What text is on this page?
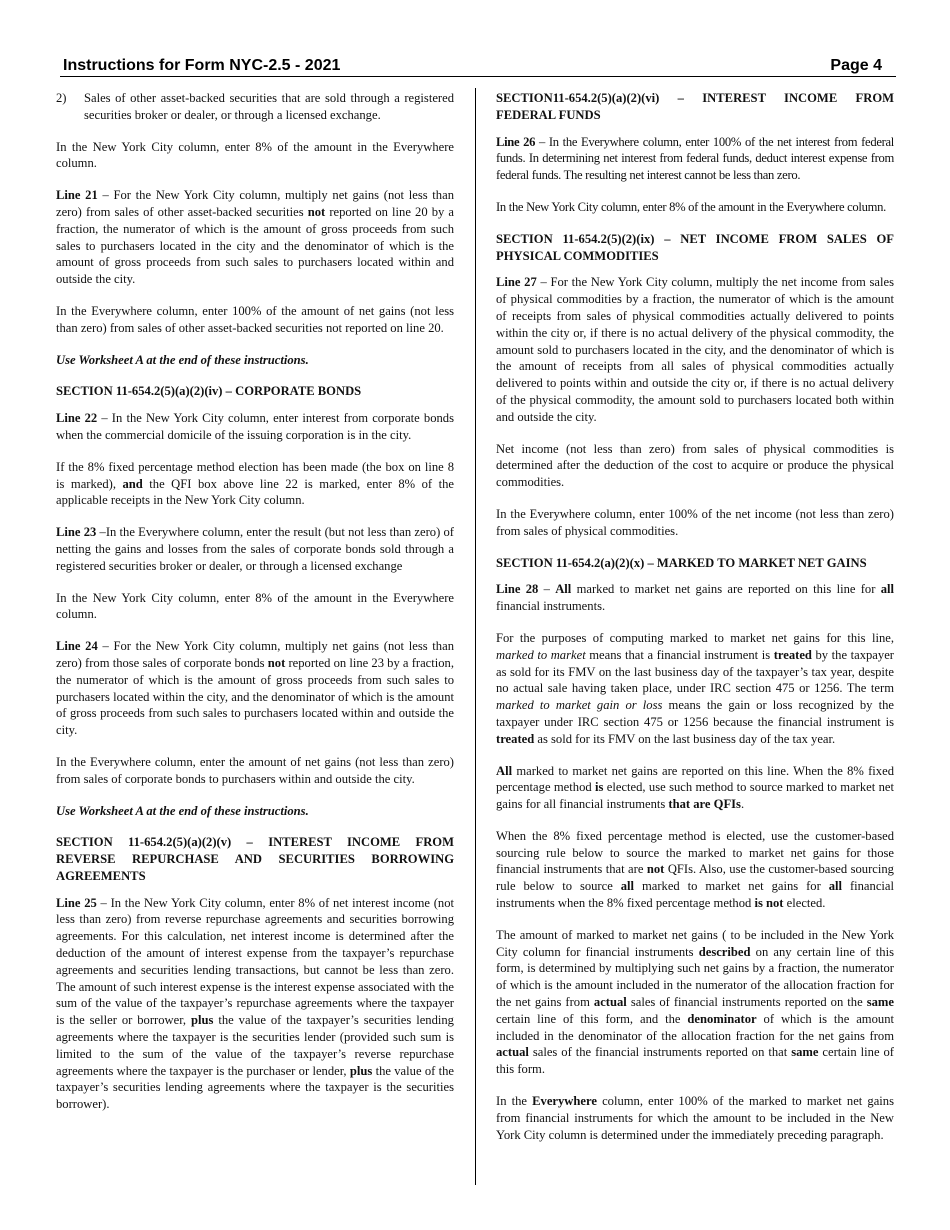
Instructions for Form NYC-2.5 - 2021	Page 4
2)	Sales of other asset-backed securities that are sold through a registered securities broker or dealer, or through a licensed exchange.

In the New York City column, enter 8% of the amount in the Everywhere column.

Line 21 – For the New York City column, multiply net gains (not less than zero) from sales of other asset-backed securities not reported on line 20 by a fraction, the numerator of which is the amount of gross proceeds from such sales to purchasers located in the city and the denominator of which is the amount of gross proceeds from such sales to purchasers located within and outside the city.

In the Everywhere column, enter 100% of the amount of net gains (not less than zero) from sales of other asset-backed securities not reported on line 20.

Use Worksheet A at the end of these instructions.

SECTION 11-654.2(5)(a)(2)(iv) – CORPORATE BONDS

Line 22 – In the New York City column, enter interest from corporate bonds when the commercial domicile of the issuing corporation is in the city.

If the 8% fixed percentage method election has been made (the box on line 8 is marked), and the QFI box above line 22 is marked, enter 8% of the applicable receipts in the New York City column.

Line 23 –In the Everywhere column, enter the result (but not less than zero) of netting the gains and losses from the sales of corporate bonds sold through a registered securities broker or dealer, or through a licensed exchange

In the New York City column, enter 8% of the amount in the Everywhere column.

Line 24 – For the New York City column, multiply net gains (not less than zero) from those sales of corporate bonds not reported on line 23 by a fraction, the numerator of which is the amount of gross proceeds from such sales to purchasers located within the city, and the denominator of which is the amount of gross proceeds from such sales to purchasers located within and outside the city.

In the Everywhere column, enter the amount of net gains (not less than zero) from sales of corporate bonds to purchasers within and outside the city.

Use Worksheet A at the end of these instructions.

SECTION 11-654.2(5)(a)(2)(v) – INTEREST INCOME FROM REVERSE REPURCHASE AND SECURITIES BORROWING AGREEMENTS

Line 25 – In the New York City column, enter 8% of net interest income (not less than zero) from reverse repurchase agreements and securities borrowing agreements. For this calculation, net interest income is determined after the deduction of the amount of interest expense from the taxpayer’s repurchase agreements and securities lending transactions, but cannot be less than zero. The amount of such interest expense is the interest expense associated with the sum of the value of the taxpayer’s repurchase agreements where the taxpayer is the seller or borrower, plus the value of the taxpayer’s securities lending agreements where the taxpayer is the securities lender (provided such sum is limited to the sum of the value of the taxpayer’s reverse repurchase agreements where the taxpayer is the purchaser or lender, plus the value of the taxpayer’s securities lending agreements where the taxpayer is the securities borrower).

SECTION11-654.2(5)(a)(2)(vi) – INTEREST INCOME FROM FEDERAL FUNDS

Line 26 – In the Everywhere column, enter 100% of the net interest from federal funds. In determining net interest from federal funds, deduct interest expense from federal funds. The resulting net interest cannot be less than zero.

In the New York City column, enter 8% of the amount in the Everywhere column.

SECTION 11-654.2(5)(2)(ix) – NET INCOME FROM SALES OF PHYSICAL COMMODITIES

Line 27 – For the New York City column, multiply the net income from sales of physical commodities by a fraction, the numerator of which is the amount of receipts from sales of physical commodities actually delivered to points within the city or, if there is no actual delivery of the physical commodity, the amount sold to purchasers located in the city, and the denominator of which is the amount of receipts from all sales of physical commodities actually delivered to points within and outside the city or, if there is no actual delivery of the physical commodity, the amount sold to purchasers located both within and outside the city.

Net income (not less than zero) from sales of physical commodities is determined after the deduction of the cost to acquire or produce the physical commodities.

In the Everywhere column, enter 100% of the net income (not less than zero) from sales of physical commodities.

SECTION 11-654.2(a)(2)(x) – MARKED TO MARKET NET GAINS

Line 28 – All marked to market net gains are reported on this line for all financial instruments.

For the purposes of computing marked to market net gains for this line, marked to market means that a financial instrument is treated by the taxpayer as sold for its FMV on the last business day of the taxpayer’s tax year, despite no actual sale having taken place, under IRC section 475 or 1256. The term marked to market gain or loss means the gain or loss recognized by the taxpayer under IRC section 475 or 1256 because the financial instrument is treated as sold for its FMV on the last business day of the tax year.

All marked to market net gains are reported on this line. When the 8% fixed percentage method is elected, use such method to source marked to market net gains for all financial instruments that are QFIs.

When the 8% fixed percentage method is elected, use the customer-based sourcing rule below to source the marked to market net gains for those financial instruments that are not QFIs. Also, use the customer-based sourcing rule below to source all marked to market net gains for all financial instruments when the 8% fixed percentage method is not elected.

The amount of marked to market net gains ( to be included in the New York City column for financial instruments described on any certain line of this form, is determined by multiplying such net gains by a fraction, the numerator of which is the amount included in the numerator of the allocation fraction for the net gains from actual sales of financial instruments reported on the same certain line of this form, and the denominator of which is the amount included in the denominator of the allocation fraction for the net gains from actual sales of the financial instruments reported on that same certain line of this form.

In the Everywhere column, enter 100% of the marked to market net gains from financial instruments for which the amount to be included in the New York City column is determined under the immediately preceding paragraph.
